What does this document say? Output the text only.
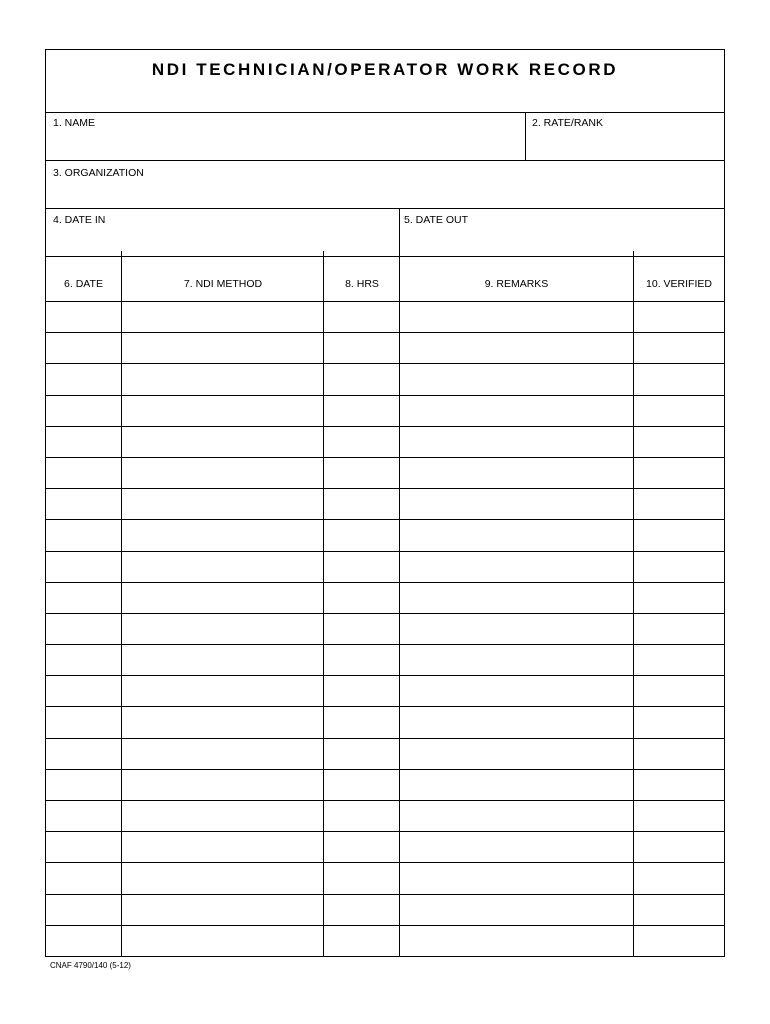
NDI TECHNICIAN/OPERATOR WORK RECORD
1. NAME	2. RATE/RANK
3. ORGANIZATION
4. DATE IN	5. DATE OUT
6. DATE	7. NDI METHOD	8. HRS	9. REMARKS	10. VERIFIED
CNAF 4790/140 (5-12)
